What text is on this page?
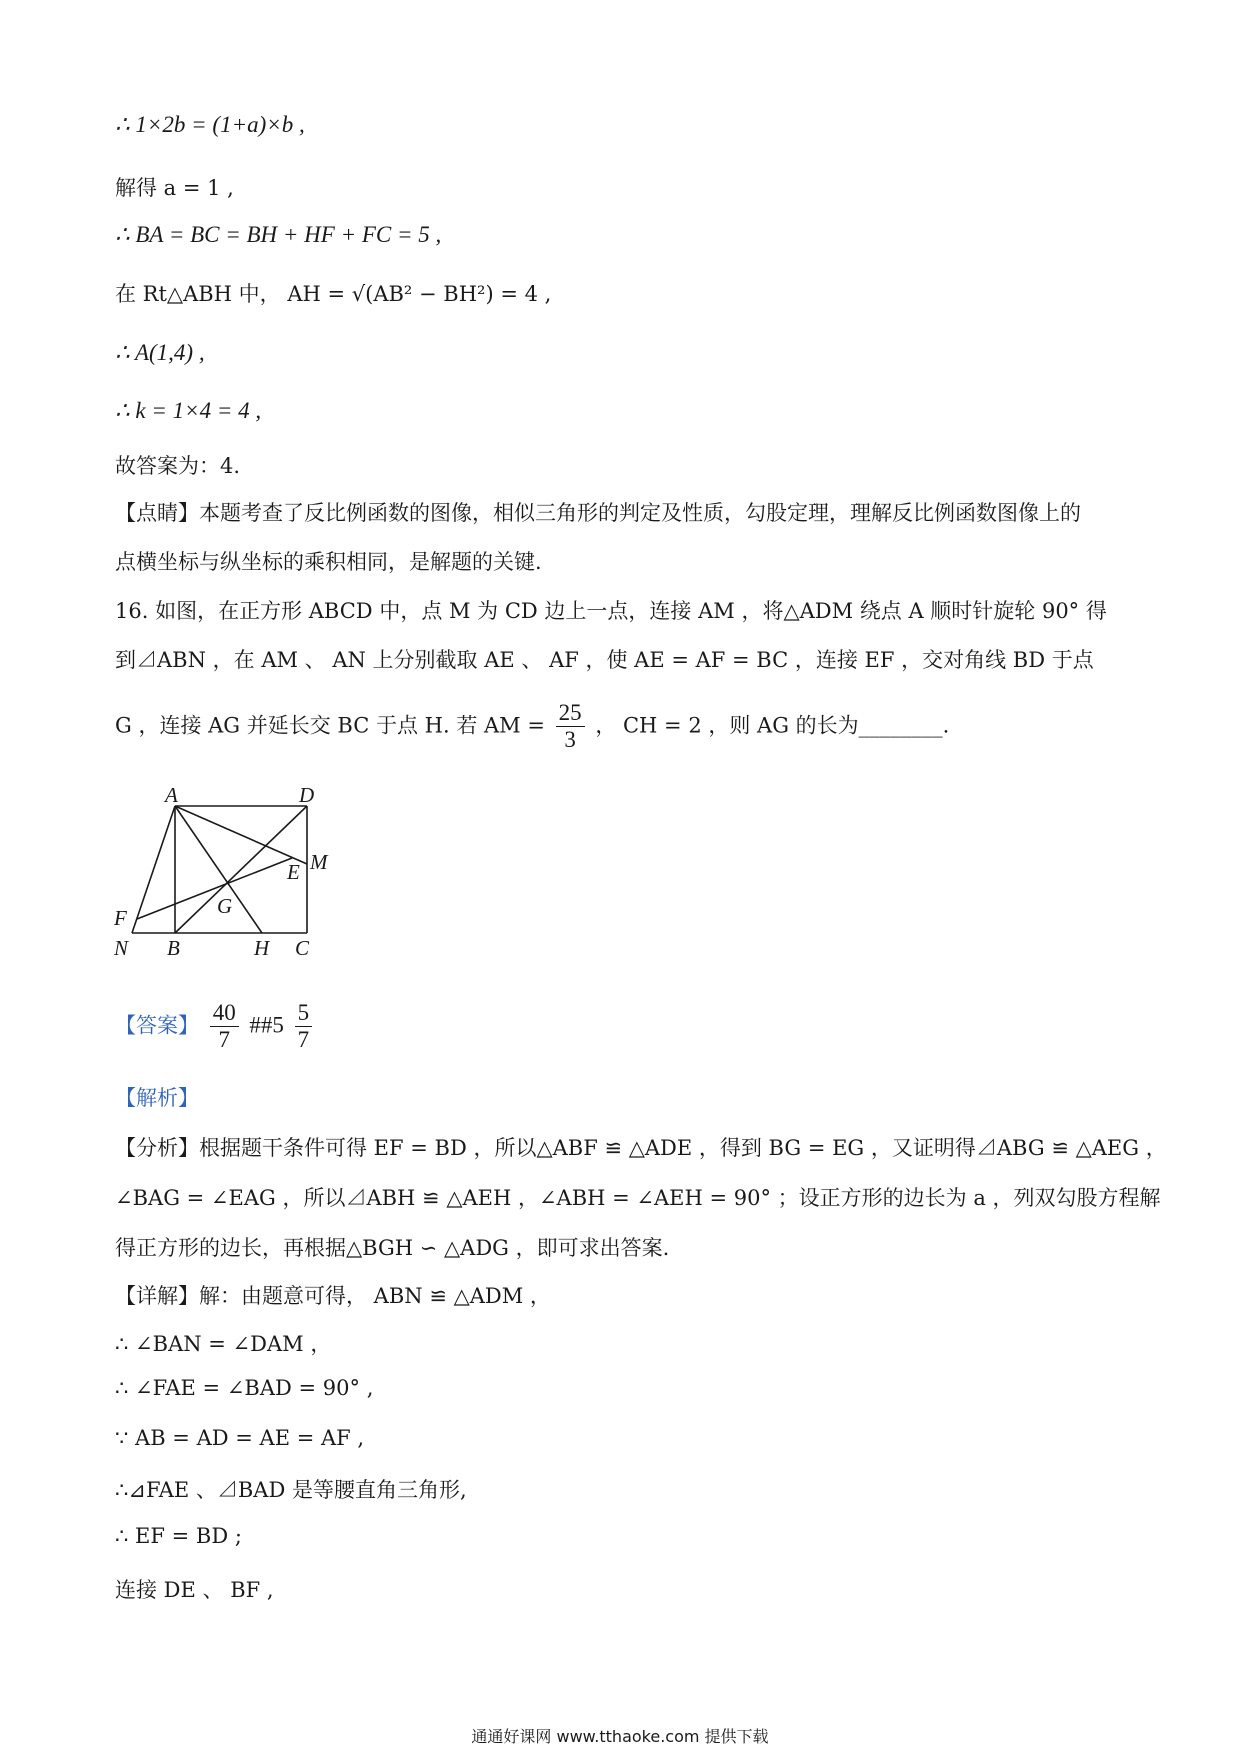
∴ 1×2b = (1+a)×b ,
解得 a = 1 ,
∴ BA = BC = BH + HF + FC = 5 ,
在 Rt△ABH 中， AH = √(AB² − BH²) = 4 ,
∴ A(1,4) ,
∴ k = 1×4 = 4 ,
故答案为：4.
【点睛】本题考查了反比例函数的图像，相似三角形的判定及性质，勾股定理，理解反比例函数图像上的
点横坐标与纵坐标的乘积相同，是解题的关键.
16. 如图，在正方形 ABCD 中，点 M 为 CD 边上一点，连接 AM ，将△ADM 绕点 A 顺时针旋轮 90° 得
到⊿ABN ，在 AM 、 AN 上分别截取 AE 、 AF ，使 AE = AF = BC ，连接 EF ，交对角线 BD 于点
G ，连接 AG 并延长交 BC 于点 H. 若 AM = $\frac{25}{3}$ ， CH = 2 ，则 AG 的长为________.
A	D
M
E
G
F
N B	H C
【答案】 $\frac{40}{7}$ ##5 $\frac{5}{7}$
【解析】
【分析】根据题干条件可得 EF = BD ，所以△ABF ≌ △ADE ，得到 BG = EG ，又证明得⊿ABG ≌ △AEG ，
∠BAG = ∠EAG ，所以⊿ABH ≌ △AEH ，∠ABH = ∠AEH = 90° ；设正方形的边长为 a ，列双勾股方程解
得正方形的边长，再根据△BGH ∽ △ADG ，即可求出答案.
【详解】解：由题意可得， ABN ≌ △ADM ，
∴ ∠BAN = ∠DAM ，
∴ ∠FAE = ∠BAD = 90° ,
∵ AB = AD = AE = AF ,
∴⊿FAE 、⊿BAD 是等腰直角三角形,
∴ EF = BD ;
连接 DE 、 BF ,
通通好课网 www.tthaoke.com 提供下载
